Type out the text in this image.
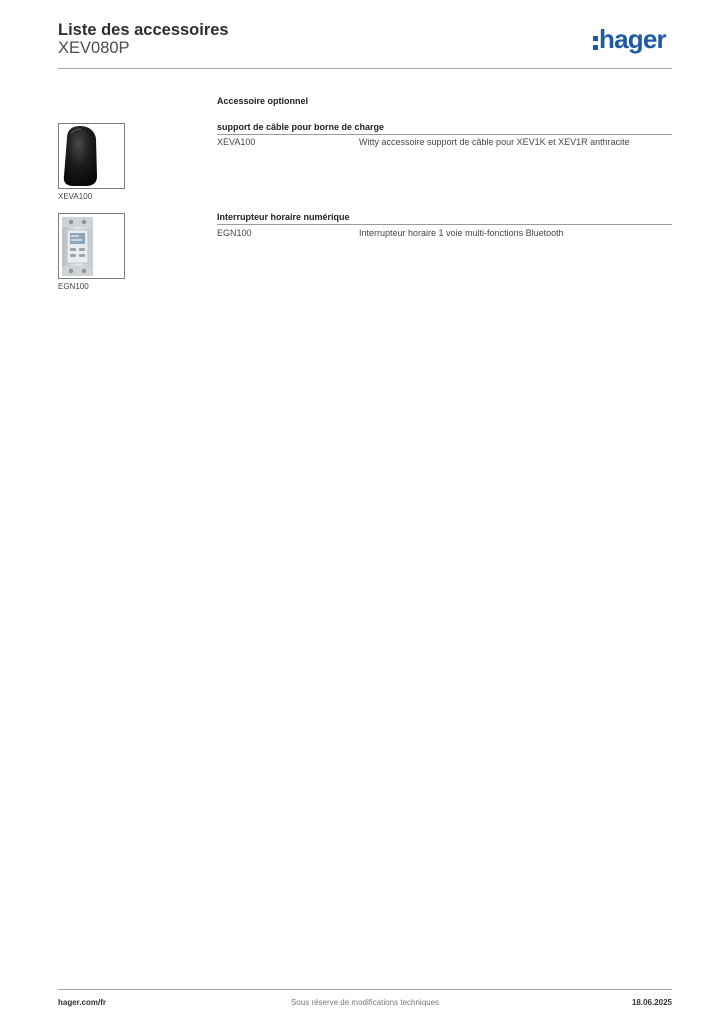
Liste des accessoires
XEV080P	hager
Accessoire optionnel
XEVA100
support de câble pour borne de charge
XEVA100	Witty accessoire support de câble pour XEV1K et XEV1R anthracite
EGN100
Interrupteur horaire numérique
EGN100	Interrupteur horaire 1 voie multi-fonctions Bluetooth
hager.com/fr	Sous réserve de modifications techniques	18.06.2025
